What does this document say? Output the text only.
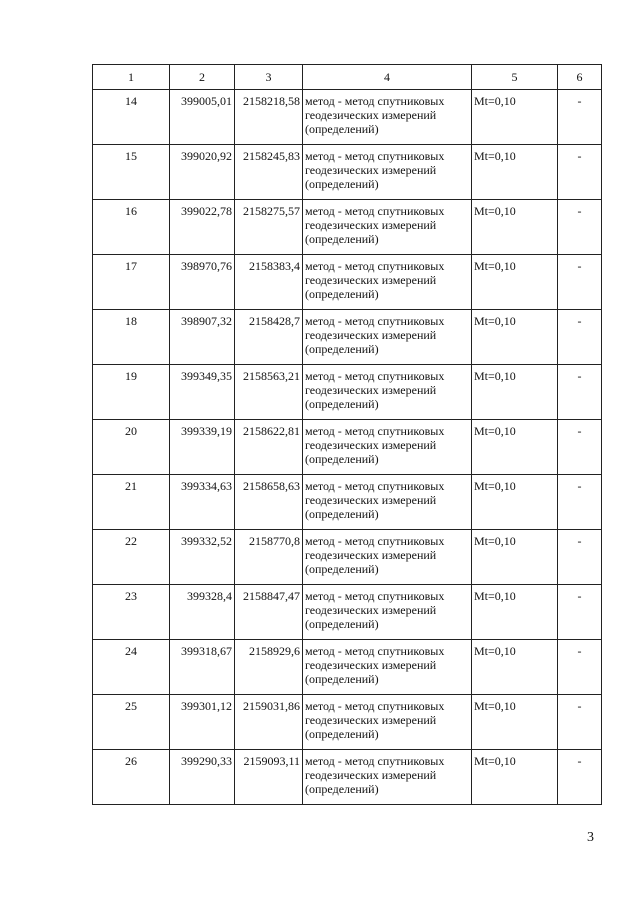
1	2	3	4	5	6
14	399005,01	2158218,58	метод - метод спутниковых геодезических измерений (определений)	Mt=0,10	-
15	399020,92	2158245,83	метод - метод спутниковых геодезических измерений (определений)	Mt=0,10	-
16	399022,78	2158275,57	метод - метод спутниковых геодезических измерений (определений)	Mt=0,10	-
17	398970,76	2158383,4	метод - метод спутниковых геодезических измерений (определений)	Mt=0,10	-
18	398907,32	2158428,7	метод - метод спутниковых геодезических измерений (определений)	Mt=0,10	-
19	399349,35	2158563,21	метод - метод спутниковых геодезических измерений (определений)	Mt=0,10	-
20	399339,19	2158622,81	метод - метод спутниковых геодезических измерений (определений)	Mt=0,10	-
21	399334,63	2158658,63	метод - метод спутниковых геодезических измерений (определений)	Mt=0,10	-
22	399332,52	2158770,8	метод - метод спутниковых геодезических измерений (определений)	Mt=0,10	-
23	399328,4	2158847,47	метод - метод спутниковых геодезических измерений (определений)	Mt=0,10	-
24	399318,67	2158929,6	метод - метод спутниковых геодезических измерений (определений)	Mt=0,10	-
25	399301,12	2159031,86	метод - метод спутниковых геодезических измерений (определений)	Mt=0,10	-
26	399290,33	2159093,11	метод - метод спутниковых геодезических измерений (определений)	Mt=0,10	-
3
